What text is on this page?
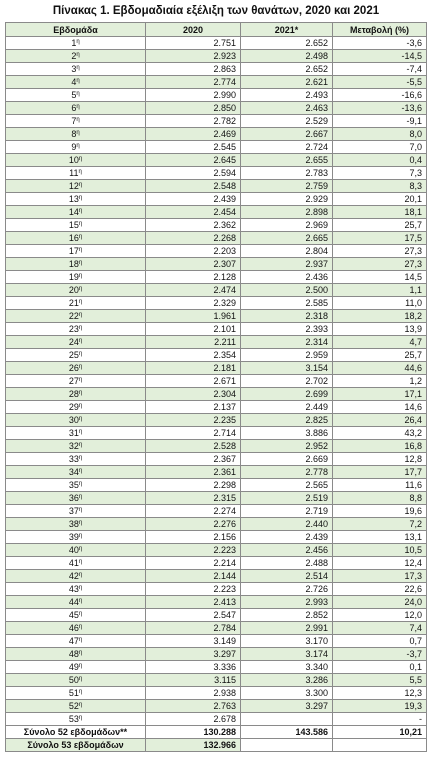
Πίνακας 1. Εβδομαδιαία εξέλιξη των θανάτων, 2020 και 2021
Εβδομάδα	2020	2021*	Μεταβολή (%)
$1^\eta$	2.751	2.652	-3,6
$2^\eta$	2.923	2.498	-14,5
$3^\eta$	2.863	2.652	-7,4
$4^\eta$	2.774	2.621	-5,5
$5^\eta$	2.990	2.493	-16,6
$6^\eta$	2.850	2.463	-13,6
$7^\eta$	2.782	2.529	-9,1
$8^\eta$	2.469	2.667	8,0
$9^\eta$	2.545	2.724	7,0
$10^\eta$	2.645	2.655	0,4
$11^\eta$	2.594	2.783	7,3
$12^\eta$	2.548	2.759	8,3
$13^\eta$	2.439	2.929	20,1
$14^\eta$	2.454	2.898	18,1
$15^\eta$	2.362	2.969	25,7
$16^\eta$	2.268	2.665	17,5
$17^\eta$	2.203	2.804	27,3
$18^\eta$	2.307	2.937	27,3
$19^\eta$	2.128	2.436	14,5
$20^\eta$	2.474	2.500	1,1
$21^\eta$	2.329	2.585	11,0
$22^\eta$	1.961	2.318	18,2
$23^\eta$	2.101	2.393	13,9
$24^\eta$	2.211	2.314	4,7
$25^\eta$	2.354	2.959	25,7
$26^\eta$	2.181	3.154	44,6
$27^\eta$	2.671	2.702	1,2
$28^\eta$	2.304	2.699	17,1
$29^\eta$	2.137	2.449	14,6
$30^\eta$	2.235	2.825	26,4
$31^\eta$	2.714	3.886	43,2
$32^\eta$	2.528	2.952	16,8
$33^\eta$	2.367	2.669	12,8
$34^\eta$	2.361	2.778	17,7
$35^\eta$	2.298	2.565	11,6
$36^\eta$	2.315	2.519	8,8
$37^\eta$	2.274	2.719	19,6
$38^\eta$	2.276	2.440	7,2
$39^\eta$	2.156	2.439	13,1
$40^\eta$	2.223	2.456	10,5
$41^\eta$	2.214	2.488	12,4
$42^\eta$	2.144	2.514	17,3
$43^\eta$	2.223	2.726	22,6
$44^\eta$	2.413	2.993	24,0
$45^\eta$	2.547	2.852	12,0
$46^\eta$	2.784	2.991	7,4
$47^\eta$	3.149	3.170	0,7
$48^\eta$	3.297	3.174	-3,7
$49^\eta$	3.336	3.340	0,1
$50^\eta$	3.115	3.286	5,5
$51^\eta$	2.938	3.300	12,3
$52^\eta$	2.763	3.297	19,3
$53^\eta$	2.678		-
Σύνολο 52 εβδομάδων**	130.288	143.586	10,21
Σύνολο 53 εβδομάδων	132.966		
